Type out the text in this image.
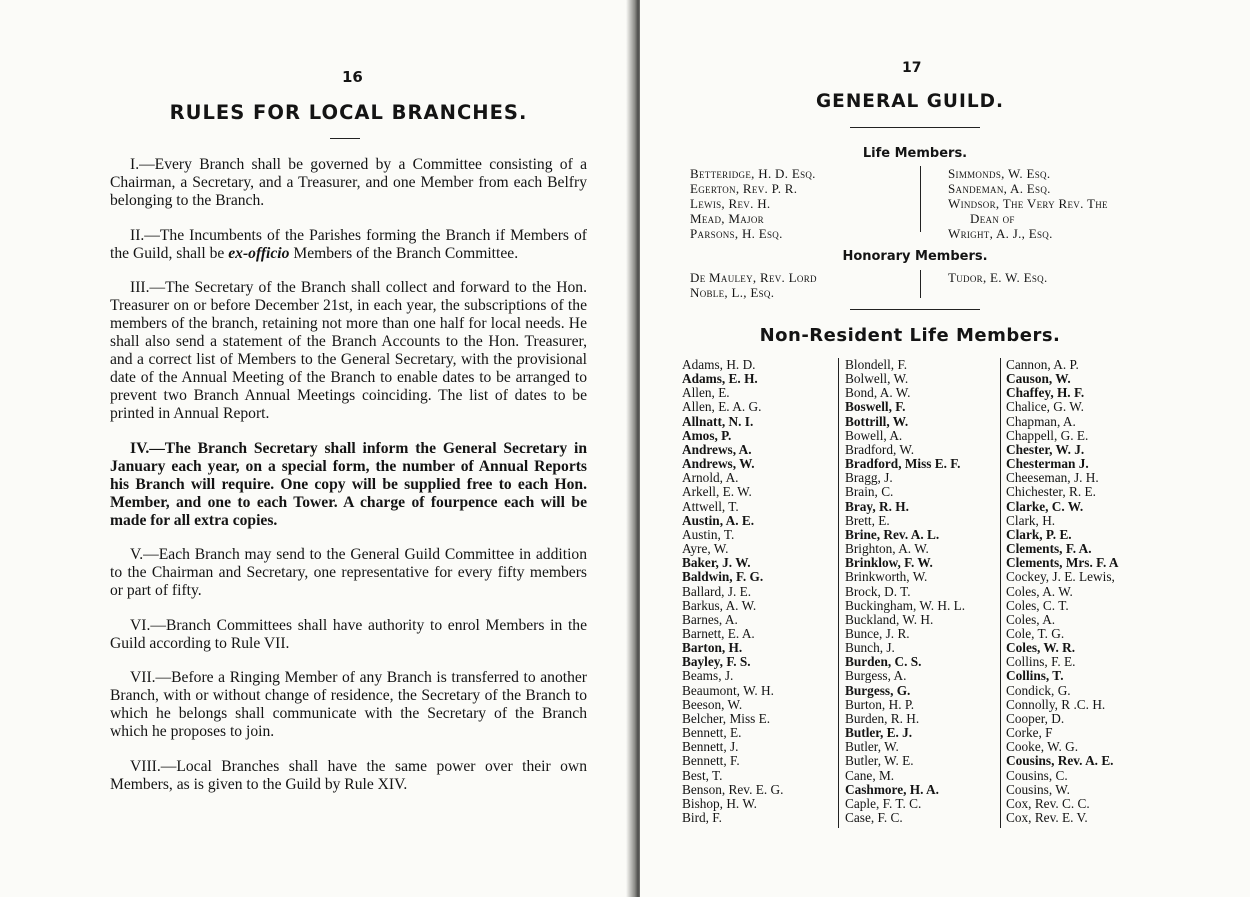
16
RULES FOR LOCAL BRANCHES.

I.—Every Branch shall be governed by a Committee consisting of a Chairman, a Secretary, and a Treasurer, and one Member from each Belfry belonging to the Branch.

II.—The Incumbents of the Parishes forming the Branch if Members of the Guild, shall be ex-officio Members of the Branch Committee.

III.—The Secretary of the Branch shall collect and forward to the Hon. Treasurer on or before December 21st, in each year, the subscriptions of the members of the branch, retaining not more than one half for local needs. He shall also send a statement of the Branch Accounts to the Hon. Treasurer, and a correct list of Members to the General Secretary, with the provisional date of the Annual Meeting of the Branch to enable dates to be arranged to prevent two Branch Annual Meetings coinciding. The list of dates to be printed in Annual Report.

IV.—The Branch Secretary shall inform the General Secretary in January each year, on a special form, the number of Annual Reports his Branch will require. One copy will be supplied free to each Hon. Member, and one to each Tower. A charge of fourpence each will be made for all extra copies.

V.—Each Branch may send to the General Guild Committee in addition to the Chairman and Secretary, one representative for every fifty members or part of fifty.

VI.—Branch Committees shall have authority to enrol Members in the Guild according to Rule VII.

VII.—Before a Ringing Member of any Branch is transferred to another Branch, with or without change of residence, the Secretary of the Branch to which he belongs shall communicate with the Secretary of the Branch which he proposes to join.

VIII.—Local Branches shall have the same power over their own Members, as is given to the Guild by Rule XIV.

17
GENERAL GUILD.
Life Members.
Betteridge, H. D. Esq.
Egerton, Rev. P. R.
Lewis, Rev. H.
Mead, Major
Parsons, H. Esq.
Simmonds, W. Esq.
Sandeman, A. Esq.
Windsor, The Very Rev. The
Dean of
Wright, A. J., Esq.
Honorary Members.
De Mauley, Rev. Lord
Noble, L., Esq.
Tudor, E. W. Esq.
Non-Resident Life Members.
Adams, H. D.
Adams, E. H.
Allen, E.
Allen, E. A. G.
Allnatt, N. I.
Amos, P.
Andrews, A.
Andrews, W.
Arnold, A.
Arkell, E. W.
Attwell, T.
Austin, A. E.
Austin, T.
Ayre, W.
Baker, J. W.
Baldwin, F. G.
Ballard, J. E.
Barkus, A. W.
Barnes, A.
Barnett, E. A.
Barton, H.
Bayley, F. S.
Beams, J.
Beaumont, W. H.
Beeson, W.
Belcher, Miss E.
Bennett, E.
Bennett, J.
Bennett, F.
Best, T.
Benson, Rev. E. G.
Bishop, H. W.
Bird, F.
Blondell, F.
Bolwell, W.
Bond, A. W.
Boswell, F.
Bottrill, W.
Bowell, A.
Bradford, W.
Bradford, Miss E. F.
Bragg, J.
Brain, C.
Bray, R. H.
Brett, E.
Brine, Rev. A. L.
Brighton, A. W.
Brinklow, F. W.
Brinkworth, W.
Brock, D. T.
Buckingham, W. H. L.
Buckland, W. H.
Bunce, J. R.
Bunch, J.
Burden, C. S.
Burgess, A.
Burgess, G.
Burton, H. P.
Burden, R. H.
Butler, E. J.
Butler, W.
Butler, W. E.
Cane, M.
Cashmore, H. A.
Caple, F. T. C.
Case, F. C.
Cannon, A. P.
Causon, W.
Chaffey, H. F.
Chalice, G. W.
Chapman, A.
Chappell, G. E.
Chester, W. J.
Chesterman J.
Cheeseman, J. H.
Chichester, R. E.
Clarke, C. W.
Clark, H.
Clark, P. E.
Clements, F. A.
Clements, Mrs. F. A
Cockey, J. E. Lewis,
Coles, A. W.
Coles, C. T.
Coles, A.
Cole, T. G.
Coles, W. R.
Collins, F. E.
Collins, T.
Condick, G.
Connolly, R .C. H.
Cooper, D.
Corke, F
Cooke, W. G.
Cousins, Rev. A. E.
Cousins, C.
Cousins, W.
Cox, Rev. C. C.
Cox, Rev. E. V.
